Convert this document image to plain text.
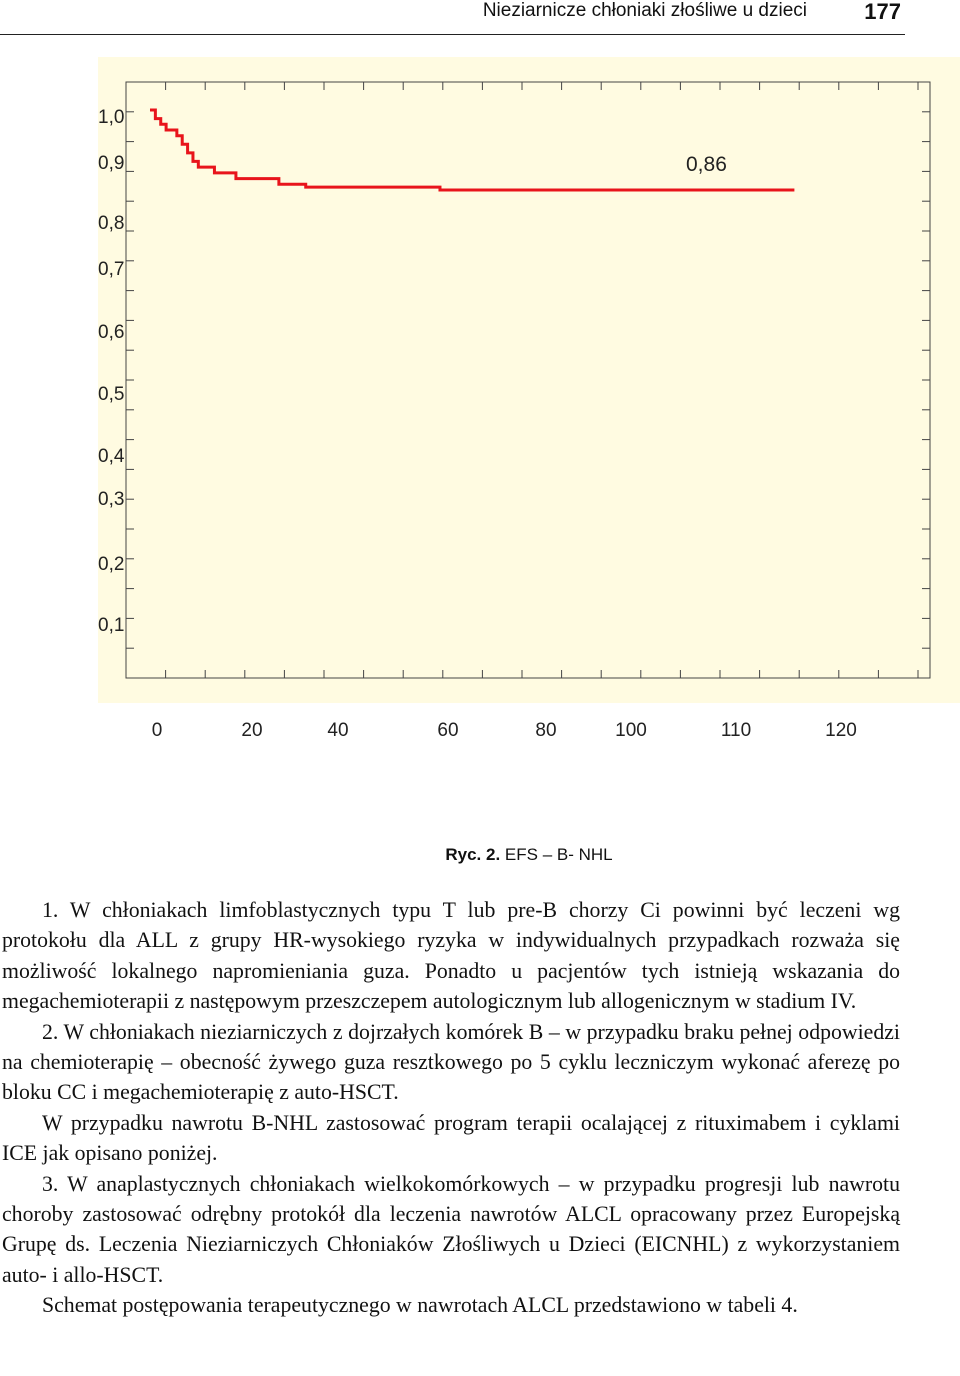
Nieziarnicze chłoniaki złośliwe u dzieci	177
1,0
0,9
0,8
0,7
0,6
0,5
0,4
0,3
0,2
0,1
0	20	40	60	80	100	110	120
0,86
Ryc. 2. EFS – B- NHL

1. W chłoniakach limfoblastycznych typu T lub pre-B chorzy Ci powinni być leczeni wg protokołu dla ALL z grupy HR-wysokiego ryzyka w indywidualnych przypadkach rozważa się możliwość lokalnego napromieniania guza. Ponadto u pacjentów tych istnieją wskazania do megachemioterapii z następowym przeszczepem autologicznym lub allogenicznym w stadium IV.

2. W chłoniakach nieziarniczych z dojrzałych komórek B – w przypadku braku pełnej odpowiedzi na chemioterapię – obecność żywego guza resztkowego po 5 cyklu leczniczym wykonać aferezę po bloku CC i megachemioterapię z auto-HSCT.

W przypadku nawrotu B-NHL zastosować program terapii ocalającej z rituximabem i cyklami ICE jak opisano poniżej.

3. W anaplastycznych chłoniakach wielkokomórkowych – w przypadku progresji lub nawrotu choroby zastosować odrębny protokół dla leczenia nawrotów ALCL opracowany przez Europejską Grupę ds. Leczenia Nieziarniczych Chłoniaków Złośliwych u Dzieci (EICNHL) z wykorzystaniem auto- i allo-HSCT.

Schemat postępowania terapeutycznego w nawrotach ALCL przedstawiono w tabeli 4.
